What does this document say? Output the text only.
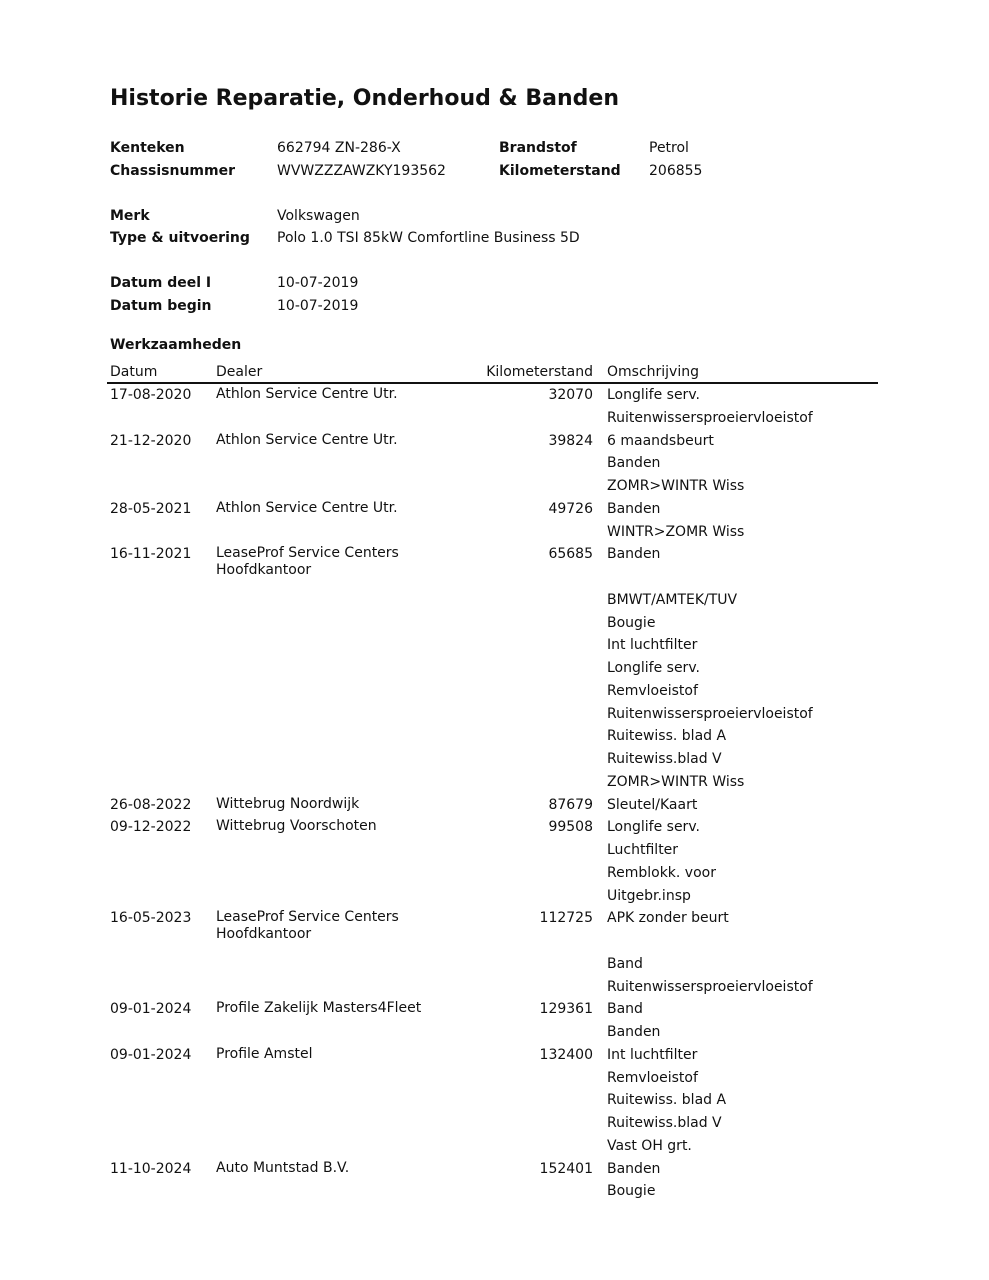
Historie Reparatie, Onderhoud & Banden
Kenteken	662794 ZN-286-X	Brandstof	Petrol
Chassisnummer	WVWZZZAWZKY193562	Kilometerstand 206855
Merk	Volkswagen
Type & uitvoering Polo 1.0 TSI 85kW Comfortline Business 5D
Datum deel I	10-07-2019
Datum begin	10-07-2019
Werkzaamheden
Datum	Dealer	Kilometerstand Omschrijving
17-08-2020 Athlon Service Centre Utr.	32070 Longlife serv.
Ruitenwissersproeiervloeistof
21-12-2020 Athlon Service Centre Utr.	39824 6 maandsbeurt
Banden
ZOMR>WINTR Wiss
28-05-2021 Athlon Service Centre Utr.	49726 Banden
WINTR>ZOMR Wiss
16-11-2021 LeaseProf Service Centers Hoofdkantoor
65685 Banden
BMWT/AMTEK/TUV
Bougie
Int luchtfilter
Longlife serv.
Remvloeistof
Ruitenwissersproeiervloeistof
Ruitewiss. blad A
Ruitewiss.blad V
ZOMR>WINTR Wiss
26-08-2022 Wittebrug Noordwijk	87679 Sleutel/Kaart
09-12-2022 Wittebrug Voorschoten	99508 Longlife serv.
Luchtfilter
Remblokk. voor
Uitgebr.insp
16-05-2023 LeaseProf Service Centers Hoofdkantoor
112725 APK zonder beurt
Band
Ruitenwissersproeiervloeistof
09-01-2024 Profile Zakelijk Masters4Fleet	129361 Band
Banden
09-01-2024 Profile Amstel	132400 Int luchtfilter
Remvloeistof
Ruitewiss. blad A
Ruitewiss.blad V
Vast OH grt.
11-10-2024 Auto Muntstad B.V.	152401 Banden
Bougie
